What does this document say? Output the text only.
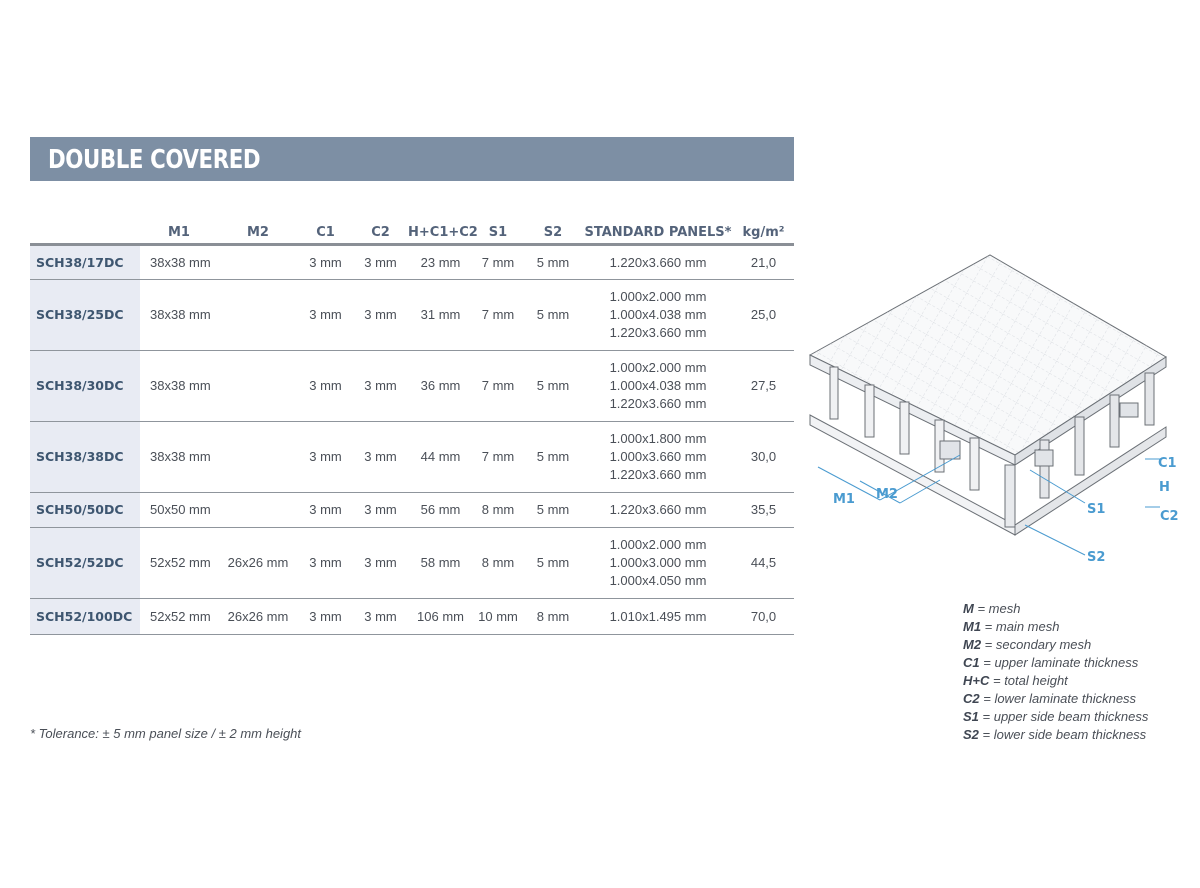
DOUBLE COVERED
	M1	M2	C1	C2	H+C1+C2	S1	S2	STANDARD PANELS*	kg/m²
SCH38/17DC	38x38 mm		3 mm	3 mm	23 mm	7 mm	5 mm	1.220x3.660 mm	21,0
SCH38/25DC	38x38 mm		3 mm	3 mm	31 mm	7 mm	5 mm	1.000x2.000 mm
1.000x4.038 mm
1.220x3.660 mm	25,0
SCH38/30DC	38x38 mm		3 mm	3 mm	36 mm	7 mm	5 mm	1.000x2.000 mm
1.000x4.038 mm
1.220x3.660 mm	27,5
SCH38/38DC	38x38 mm		3 mm	3 mm	44 mm	7 mm	5 mm	1.000x1.800 mm
1.000x3.660 mm
1.220x3.660 mm	30,0
SCH50/50DC	50x50 mm		3 mm	3 mm	56 mm	8 mm	5 mm	1.220x3.660 mm	35,5
SCH52/52DC	52x52 mm	26x26 mm	3 mm	3 mm	58 mm	8 mm	5 mm	1.000x2.000 mm
1.000x3.000 mm
1.000x4.050 mm	44,5
SCH52/100DC	52x52 mm	26x26 mm	3 mm	3 mm	106 mm	10 mm	8 mm	1.010x1.495 mm	70,0
* Tolerance: ± 5 mm panel size / ± 2 mm height
M1 M2
C1
H
S1	C2
S2
M = mesh
M1 = main mesh
M2 = secondary mesh
C1 = upper laminate thickness
H+C = total height
C2 = lower laminate thickness
S1 = upper side beam thickness
S2 = lower side beam thickness
